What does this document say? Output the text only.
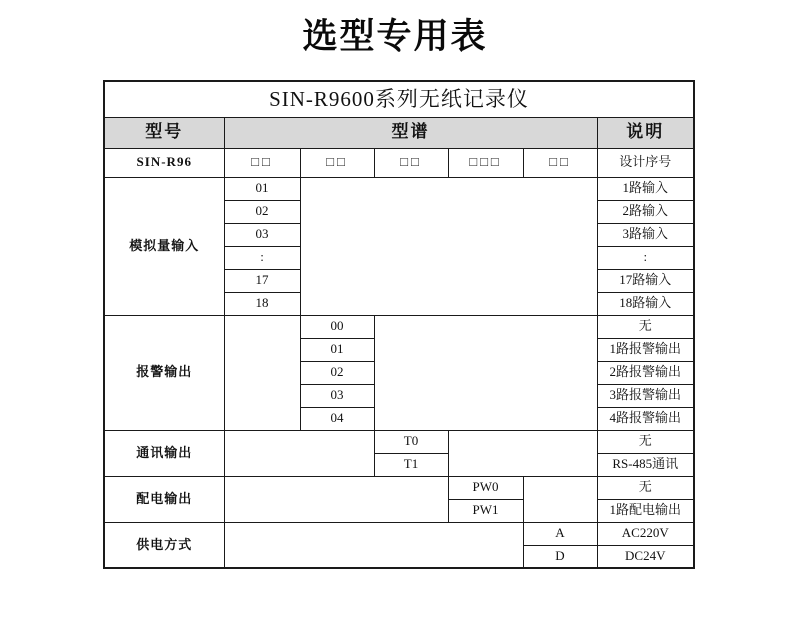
选型专用表
SIN-R9600系列无纸记录仪						
型号	型谱					说明
SIN-R96	□□	□□	□□	□□□	□□	设计序号
模拟量输入	01					1路输入
	02					2路输入
	03					3路输入
	:					:
	17					17路输入
	18					18路输入
报警输出		00				无
		01				1路报警输出
		02				2路报警输出
		03				3路报警输出
		04				4路报警输出
通讯输出			T0			无
			T1			RS-485通讯
配电输出				PW0		无
				PW1		1路配电输出
供电方式					A	AC220V
					D	DC24V
